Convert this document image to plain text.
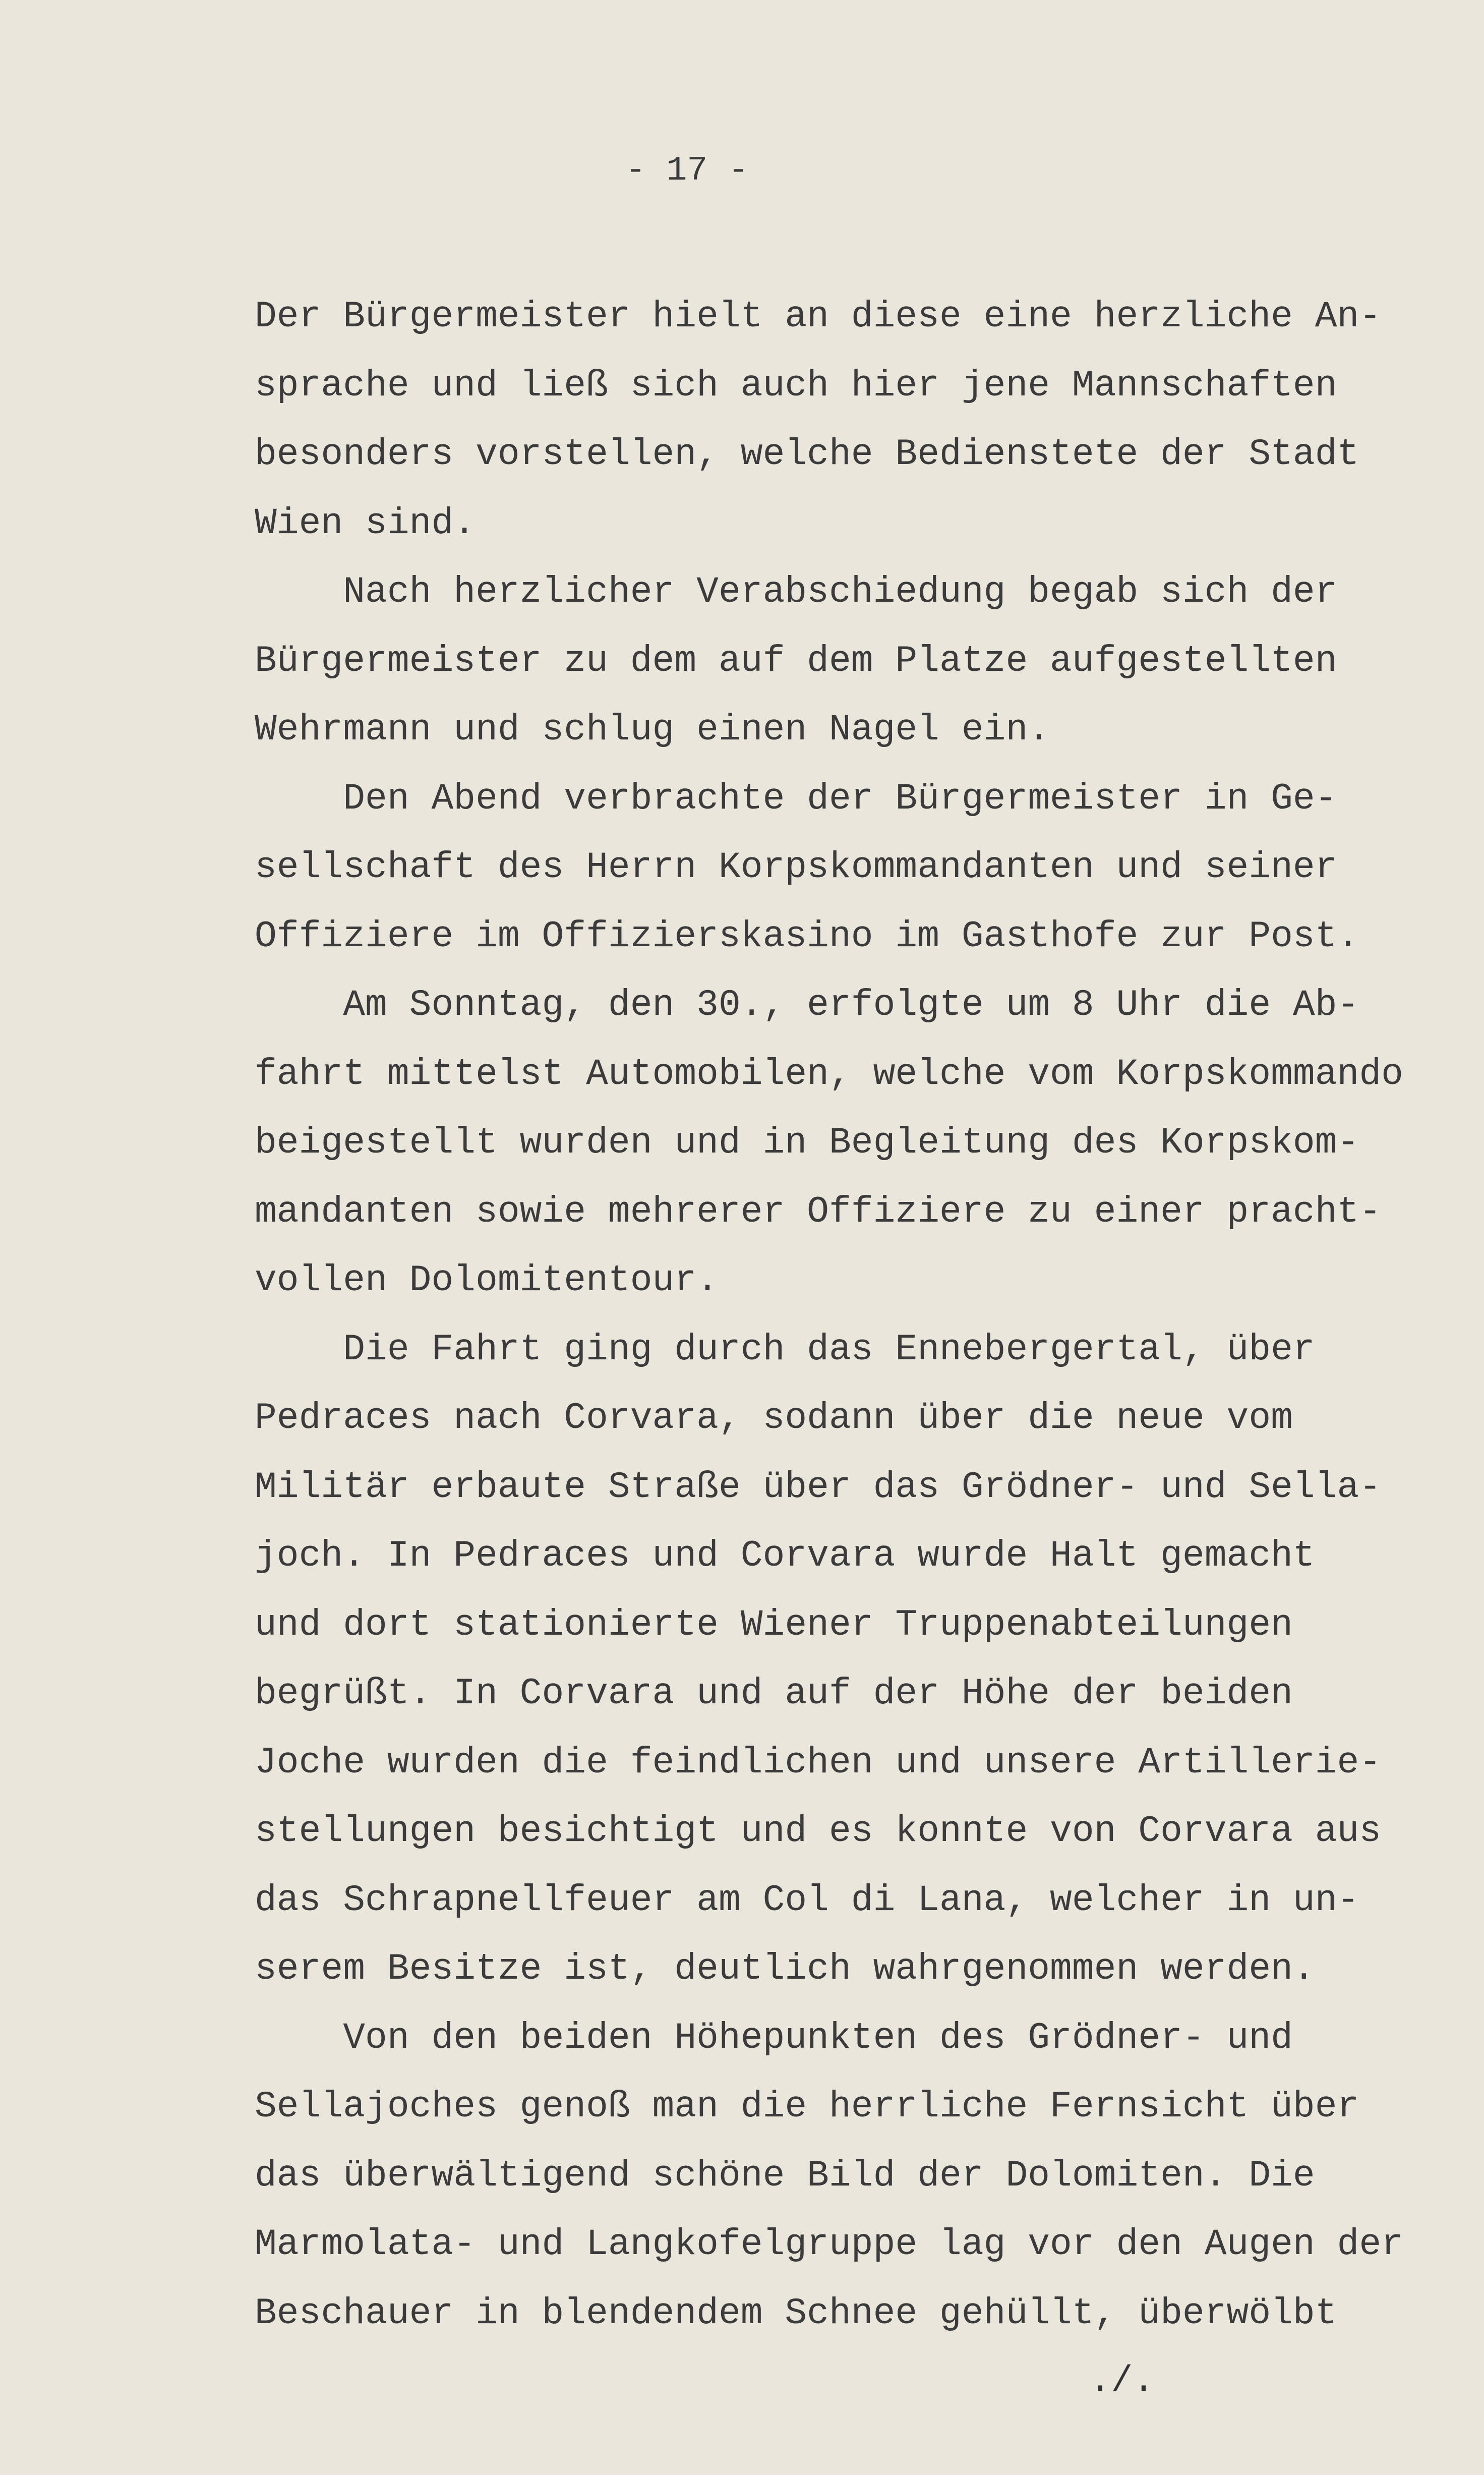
- 17 -
Der Bürgermeister hielt an diese eine herzliche An-
sprache und ließ sich auch hier jene Mannschaften
besonders vorstellen, welche Bedienstete der Stadt
Wien sind.
Nach herzlicher Verabschiedung begab sich der
Bürgermeister zu dem auf dem Platze aufgestellten
Wehrmann und schlug einen Nagel ein.
Den Abend verbrachte der Bürgermeister in Ge-
sellschaft des Herrn Korpskommandanten und seiner
Offiziere im Offizierskasino im Gasthofe zur Post.
Am Sonntag, den 30., erfolgte um 8 Uhr die Ab-
fahrt mittelst Automobilen, welche vom Korpskommando
beigestellt wurden und in Begleitung des Korpskom-
mandanten sowie mehrerer Offiziere zu einer pracht-
vollen Dolomitentour.
Die Fahrt ging durch das Ennebergertal, über
Pedraces nach Corvara, sodann über die neue vom
Militär erbaute Straße über das Grödner- und Sella-
joch. In Pedraces und Corvara wurde Halt gemacht
und dort stationierte Wiener Truppenabteilungen
begrüßt. In Corvara und auf der Höhe der beiden
Joche wurden die feindlichen und unsere Artillerie-
stellungen besichtigt und es konnte von Corvara aus
das Schrapnellfeuer am Col di Lana, welcher in un-
serem Besitze ist, deutlich wahrgenommen werden.
Von den beiden Höhepunkten des Grödner- und
Sellajoches genoß man die herrliche Fernsicht über
das überwältigend schöne Bild der Dolomiten. Die
Marmolata- und Langkofelgruppe lag vor den Augen der
Beschauer in blendendem Schnee gehüllt, überwölbt
./.
